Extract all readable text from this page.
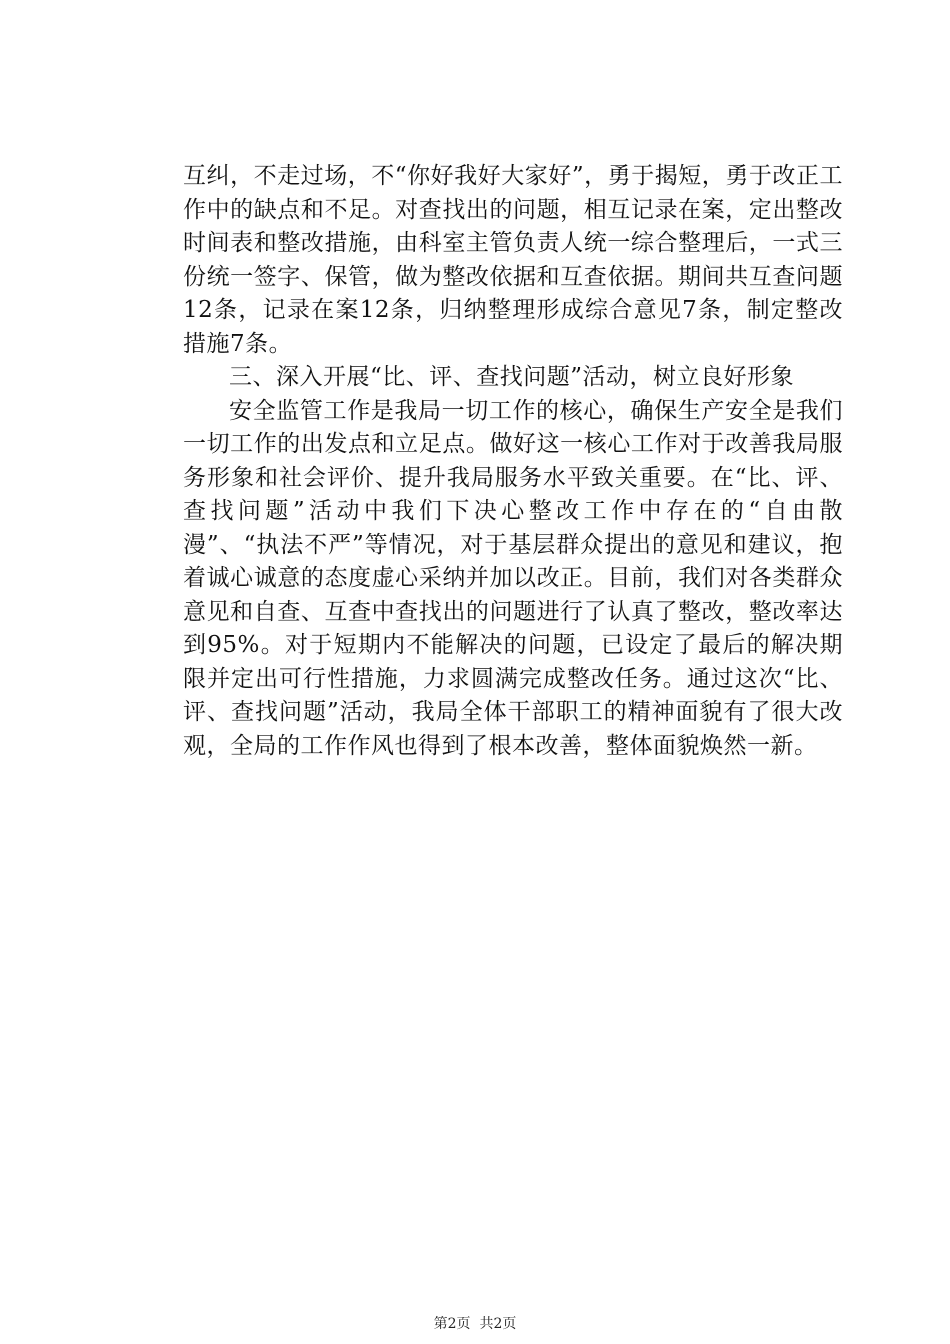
互纠，不走过场，不“你好我好大家好”，勇于揭短，勇于改正工作中的缺点和不足。对查找出的问题，相互记录在案，定出整改时间表和整改措施，由科室主管负责人统一综合整理后，一式三份统一签字、保管，做为整改依据和互查依据。期间共互查问题12条，记录在案12条，归纳整理形成综合意见7条，制定整改措施7条。

三、深入开展“比、评、查找问题”活动，树立良好形象

安全监管工作是我局一切工作的核心，确保生产安全是我们一切工作的出发点和立足点。做好这一核心工作对于改善我局服务形象和社会评价、提升我局服务水平致关重要。在“比、评、查找问题”活动中我们下决心整改工作中存在的“自由散漫”、“执法不严”等情况，对于基层群众提出的意见和建议，抱着诚心诚意的态度虚心采纳并加以改正。目前，我们对各类群众意见和自查、互查中查找出的问题进行了认真了整改，整改率达到95%。对于短期内不能解决的问题，已设定了最后的解决期限并定出可行性措施，力求圆满完成整改任务。通过这次“比、评、查找问题”活动，我局全体干部职工的精神面貌有了很大改观，全局的工作作风也得到了根本改善，整体面貌焕然一新。

第2页 共2页
